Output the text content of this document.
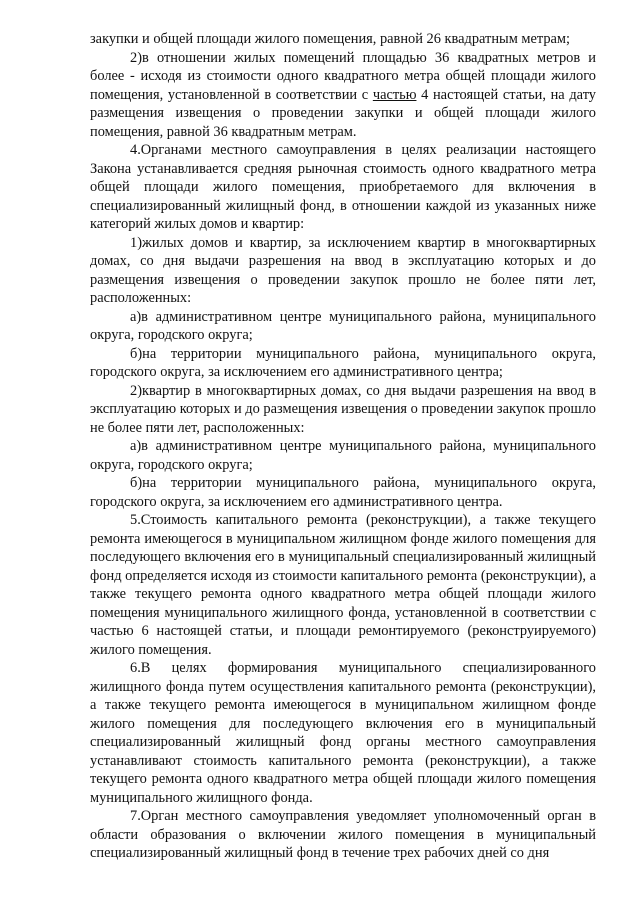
закупки и общей площади жилого помещения, равной 26 квадратным метрам;

2)в отношении жилых помещений площадью 36 квадратных метров и более - исходя из стоимости одного квадратного метра общей площади жилого помещения, установленной в соответствии с частью 4 настоящей статьи, на дату размещения извещения о проведении закупки и общей площади жилого помещения, равной 36 квадратным метрам.

4.Органами местного самоуправления в целях реализации настоящего Закона устанавливается средняя рыночная стоимость одного квадратного метра общей площади жилого помещения, приобретаемого для включения в специализированный жилищный фонд, в отношении каждой из указанных ниже категорий жилых домов и квартир:

1)жилых домов и квартир, за исключением квартир в многоквартирных домах, со дня выдачи разрешения на ввод в эксплуатацию которых и до размещения извещения о проведении закупок прошло не более пяти лет, расположенных:

а)в административном центре муниципального района, муниципального округа, городского округа;

б)на территории муниципального района, муниципального округа, городского округа, за исключением его административного центра;

2)квартир в многоквартирных домах, со дня выдачи разрешения на ввод в эксплуатацию которых и до размещения извещения о проведении закупок прошло не более пяти лет, расположенных:

а)в административном центре муниципального района, муниципального округа, городского округа;

б)на территории муниципального района, муниципального округа, городского округа, за исключением его административного центра.

5.Стоимость капитального ремонта (реконструкции), а также текущего ремонта имеющегося в муниципальном жилищном фонде жилого помещения для последующего включения его в муниципальный специализированный жилищный фонд определяется исходя из стоимости капитального ремонта (реконструкции), а также текущего ремонта одного квадратного метра общей площади жилого помещения муниципального жилищного фонда, установленной в соответствии с частью 6 настоящей статьи, и площади ремонтируемого (реконструируемого) жилого помещения.

6.В целях формирования муниципального специализированного жилищного фонда путем осуществления капитального ремонта (реконструкции), а также текущего ремонта имеющегося в муниципальном жилищном фонде жилого помещения для последующего включения его в муниципальный специализированный жилищный фонд органы местного самоуправления устанавливают стоимость капитального ремонта (реконструкции), а также текущего ремонта одного квадратного метра общей площади жилого помещения муниципального жилищного фонда.

7.Орган местного самоуправления уведомляет уполномоченный орган в области образования о включении жилого помещения в муниципальный специализированный жилищный фонд в течение трех рабочих дней со дня
